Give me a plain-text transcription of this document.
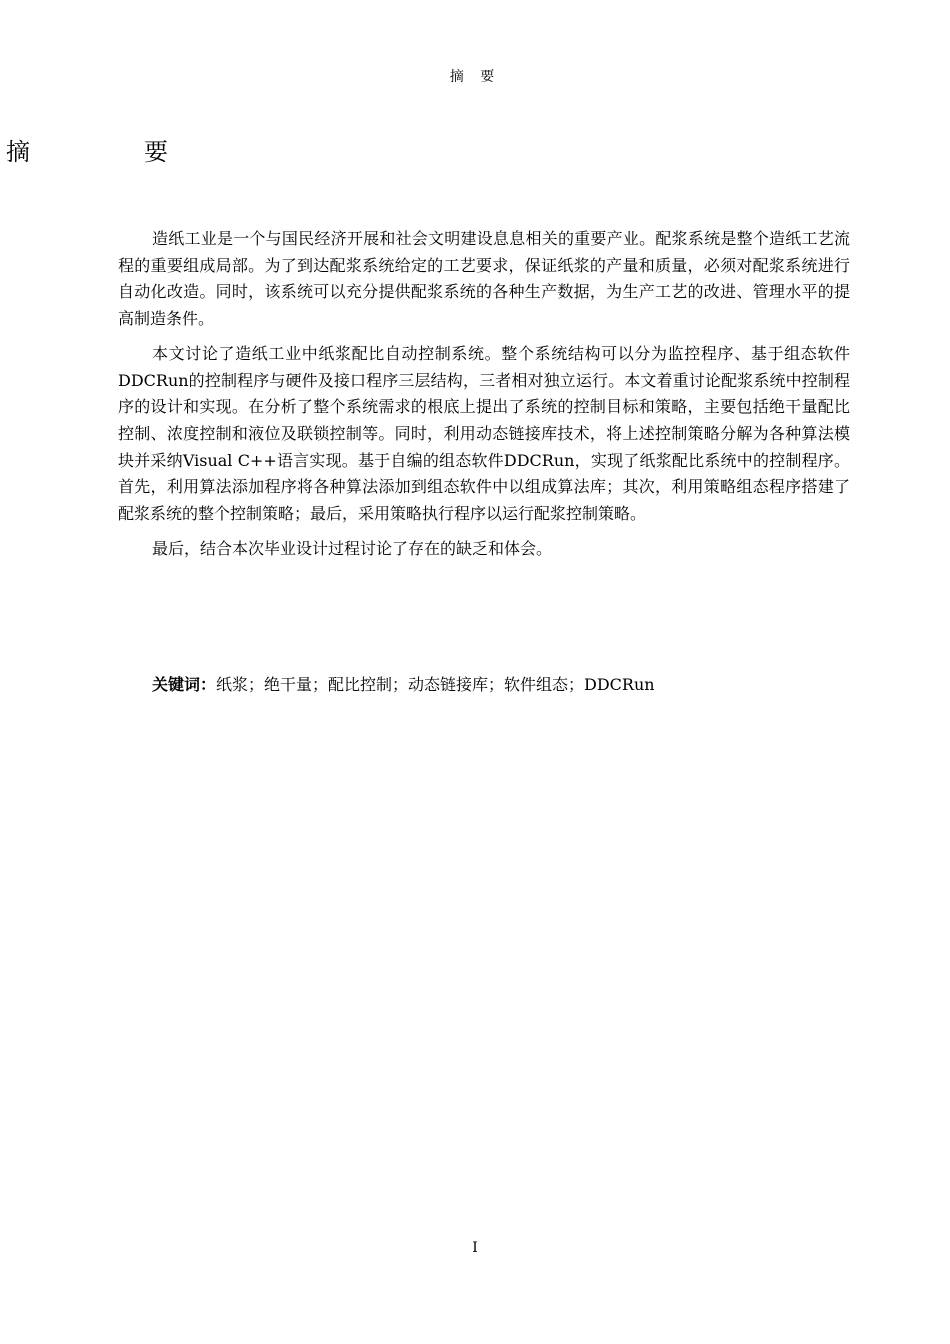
摘 要
摘	要

造纸工业是一个与国民经济开展和社会文明建设息息相关的重要产业。配浆系统是整个造纸工艺流程的重要组成局部。为了到达配浆系统给定的工艺要求，保证纸浆的产量和质量，必须对配浆系统进行自动化改造。同时，该系统可以充分提供配浆系统的各种生产数据，为生产工艺的改进、管理水平的提高制造条件。

本文讨论了造纸工业中纸浆配比自动控制系统。整个系统结构可以分为监控程序、基于组态软件 DDCRun的控制程序与硬件及接口程序三层结构，三者相对独立运行。本文着重讨论配浆系统中控制程序的设计和实现。在分析了整个系统需求的根底上提出了系统的控制目标和策略，主要包括绝干量配比控制、浓度控制和液位及联锁控制等。同时，利用动态链接库技术，将上述控制策略分解为各种算法模块并采纳Visual C++语言实现。基于自编的组态软件DDCRun，实现了纸浆配比系统中的控制程序。首先，利用算法添加程序将各种算法添加到组态软件中以组成算法库；其次，利用策略组态程序搭建了配浆系统的整个控制策略；最后，采用策略执行程序以运行配浆控制策略。

最后，结合本次毕业设计过程讨论了存在的缺乏和体会。

关键词：纸浆；绝干量；配比控制；动态链接库；软件组态；DDCRun
I
